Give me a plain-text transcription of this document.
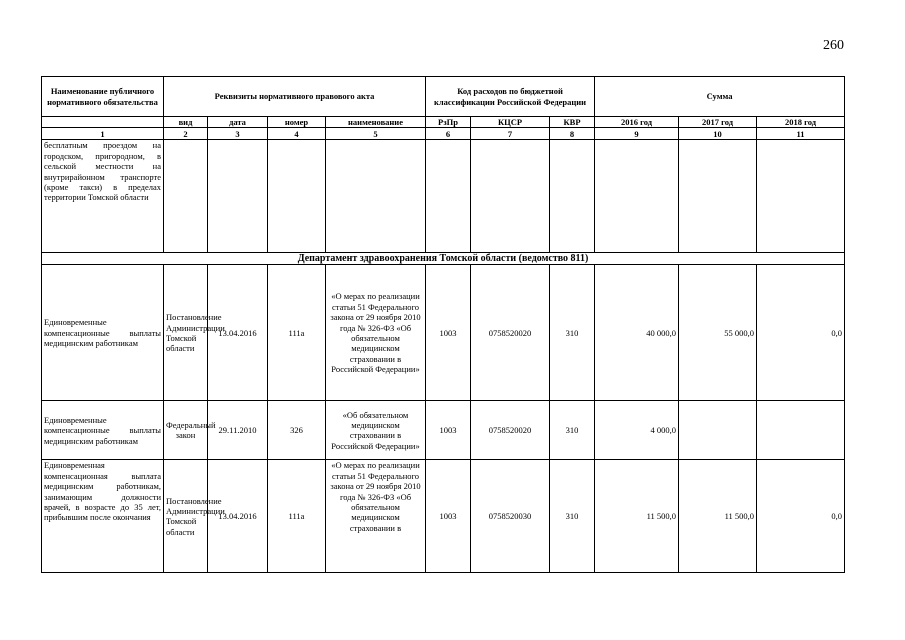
260
Наименование публичного нормативного обязательства	Реквизиты нормативного правового акта				Код расходов по бюджетной классификации Российской Федерации			Сумма		
	вид	дата	номер	наименование	РзПр	КЦСР	КВР	2016 год	2017 год	2018 год
1	2	3	4	5	6	7	8	9	10	11
бесплатным проездом на городском, пригородном, в сельской местности на внутрирайонном транспорте (кроме такси) в пределах территории Томской области										
Департамент здравоохранения Томской области (ведомство 811)										
Единовременные компенсационные выплаты медицинским работникам	Постановление Администрации Томской области	13.04.2016	111а	«О мерах по реализации статьи 51 Федерального закона от 29 ноября 2010 года № 326-ФЗ «Об обязательном медицинском страховании в Российской Федерации»	1003	0758520020	310	40 000,0	55 000,0	0,0
Единовременные компенсационные выплаты медицинским работникам	Федеральный закон	29.11.2010	326	«Об обязательном медицинском страховании в Российской Федерации»	1003	0758520020	310	4 000,0		
Единовременная компенсационная выплата медицинским работникам, занимающим должности врачей, в возрасте до 35 лет, прибывшим после окончания	Постановление Администрации Томской области	13.04.2016	111а	«О мерах по реализации статьи 51 Федерального закона от 29 ноября 2010 года № 326-ФЗ «Об обязательном медицинском страховании в	1003	0758520030	310	11 500,0	11 500,0	0,0
